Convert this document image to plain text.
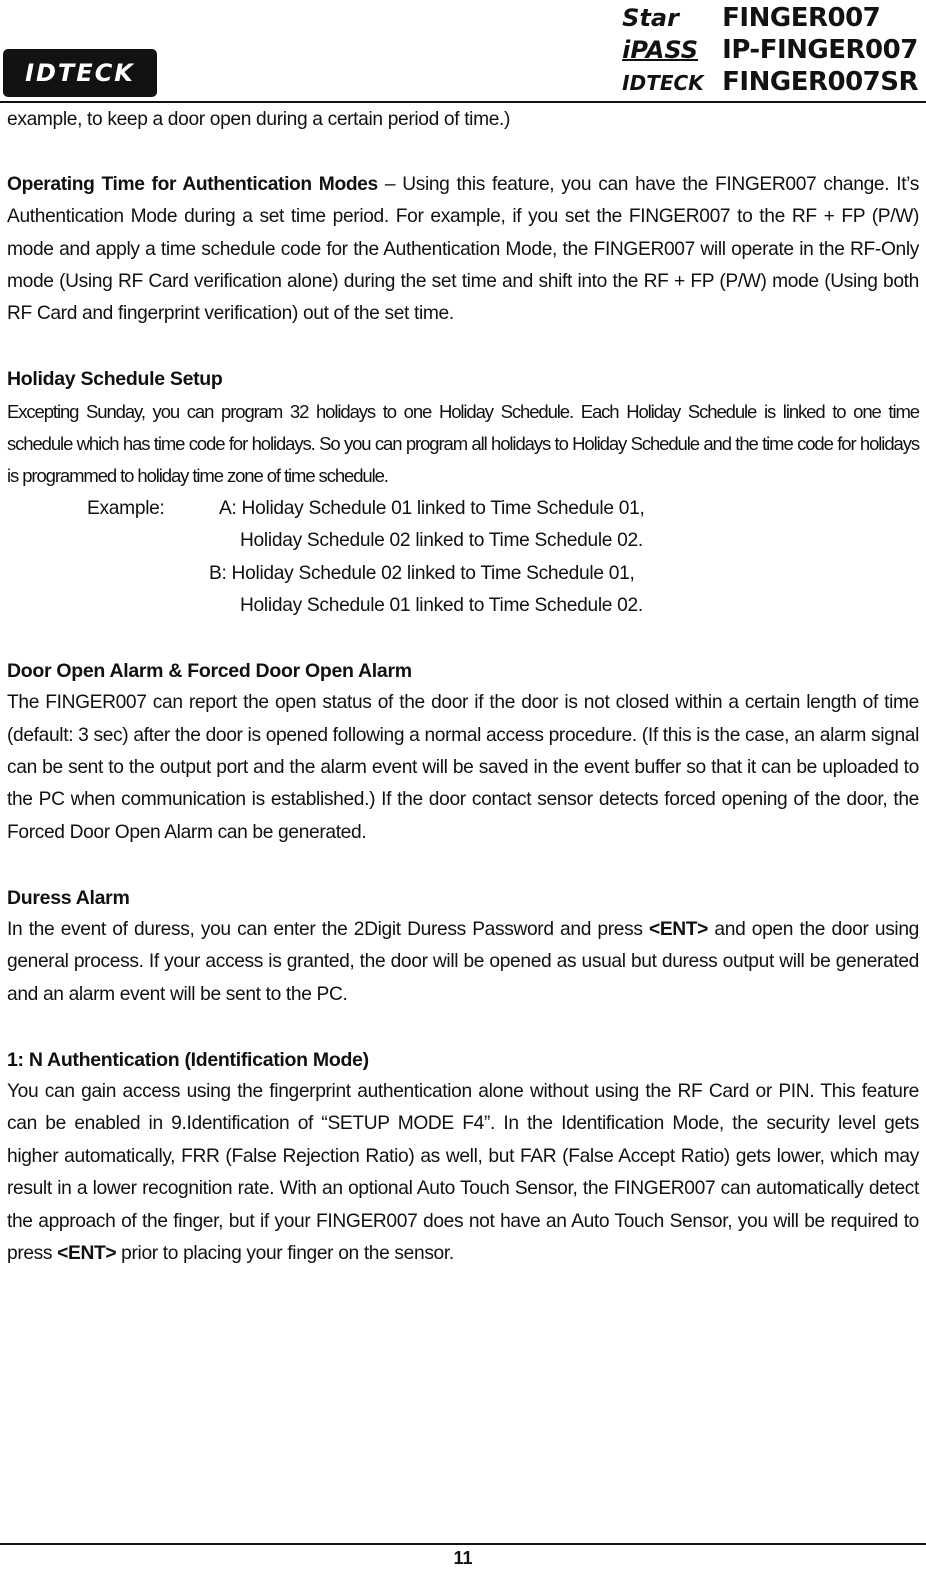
IDTECK
Star FINGER007
iPASS IP-FINGER007
IDTECK FINGER007SR

example, to keep a door open during a certain period of time.)

Operating Time for Authentication Modes – Using this feature, you can have the FINGER007 change. It’s Authentication Mode during a set time period. For example, if you set the FINGER007 to the RF + FP (P/W) mode and apply a time schedule code for the Authentication Mode, the FINGER007 will operate in the RF-Only mode (Using RF Card verification alone) during the set time and shift into the RF + FP (P/W) mode (Using both RF Card and fingerprint verification) out of the set time.

Holiday Schedule Setup

Excepting Sunday, you can program 32 holidays to one Holiday Schedule. Each Holiday Schedule is linked to one time schedule which has time code for holidays. So you can program all holidays to Holiday Schedule and the time code for holidays is programmed to holiday time zone of time schedule.

Example:	A: Holiday Schedule 01 linked to Time Schedule 01,
Holiday Schedule 02 linked to Time Schedule 02.
B: Holiday Schedule 02 linked to Time Schedule 01,
Holiday Schedule 01 linked to Time Schedule 02.
Door Open Alarm & Forced Door Open Alarm

The FINGER007 can report the open status of the door if the door is not closed within a certain length of time (default: 3 sec) after the door is opened following a normal access procedure. (If this is the case, an alarm signal can be sent to the output port and the alarm event will be saved in the event buffer so that it can be uploaded to the PC when communication is established.) If the door contact sensor detects forced opening of the door, the Forced Door Open Alarm can be generated.

Duress Alarm

In the event of duress, you can enter the 2Digit Duress Password and press <ENT> and open the door using general process. If your access is granted, the door will be opened as usual but duress output will be generated and an alarm event will be sent to the PC.

1: N Authentication (Identification Mode)

You can gain access using the fingerprint authentication alone without using the RF Card or PIN. This feature can be enabled in 9.Identification of “SETUP MODE F4”. In the Identification Mode, the security level gets higher automatically, FRR (False Rejection Ratio) as well, but FAR (False Accept Ratio) gets lower, which may result in a lower recognition rate. With an optional Auto Touch Sensor, the FINGER007 can automatically detect the approach of the finger, but if your FINGER007 does not have an Auto Touch Sensor, you will be required to press <ENT> prior to placing your finger on the sensor.

11
